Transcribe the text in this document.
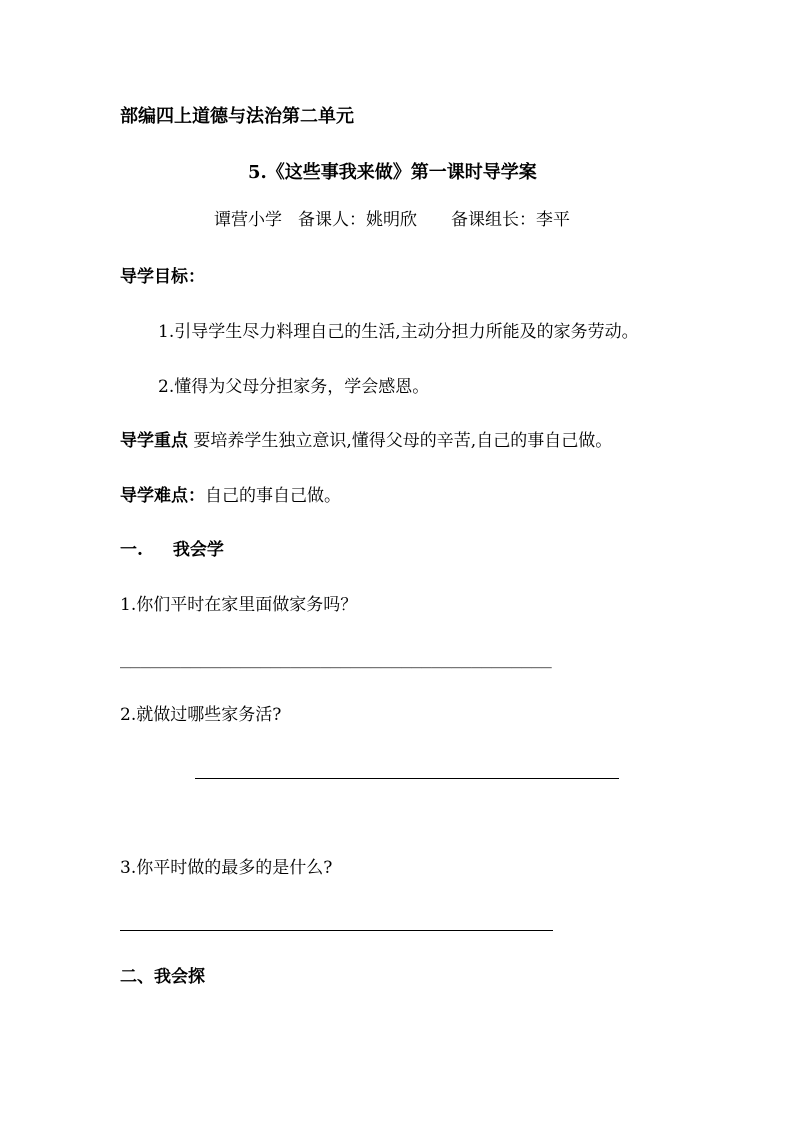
部编四上道德与法治第二单元
5.《这些事我来做》第一课时导学案
谭营小学 备课人：姚明欣 备课组长：李平
导学目标：
1.引导学生尽力料理自己的生活,主动分担力所能及的家务劳动。
2.懂得为父母分担家务，学会感恩。
导学重点 要培养学生独立意识,懂得父母的辛苦,自己的事自己做。
导学难点：自己的事自己做。
一. 我会学
1.你们平时在家里面做家务吗？
___________________________________________
2.就做过哪些家务活?
3.你平时做的最多的是什么?
二、我会探
